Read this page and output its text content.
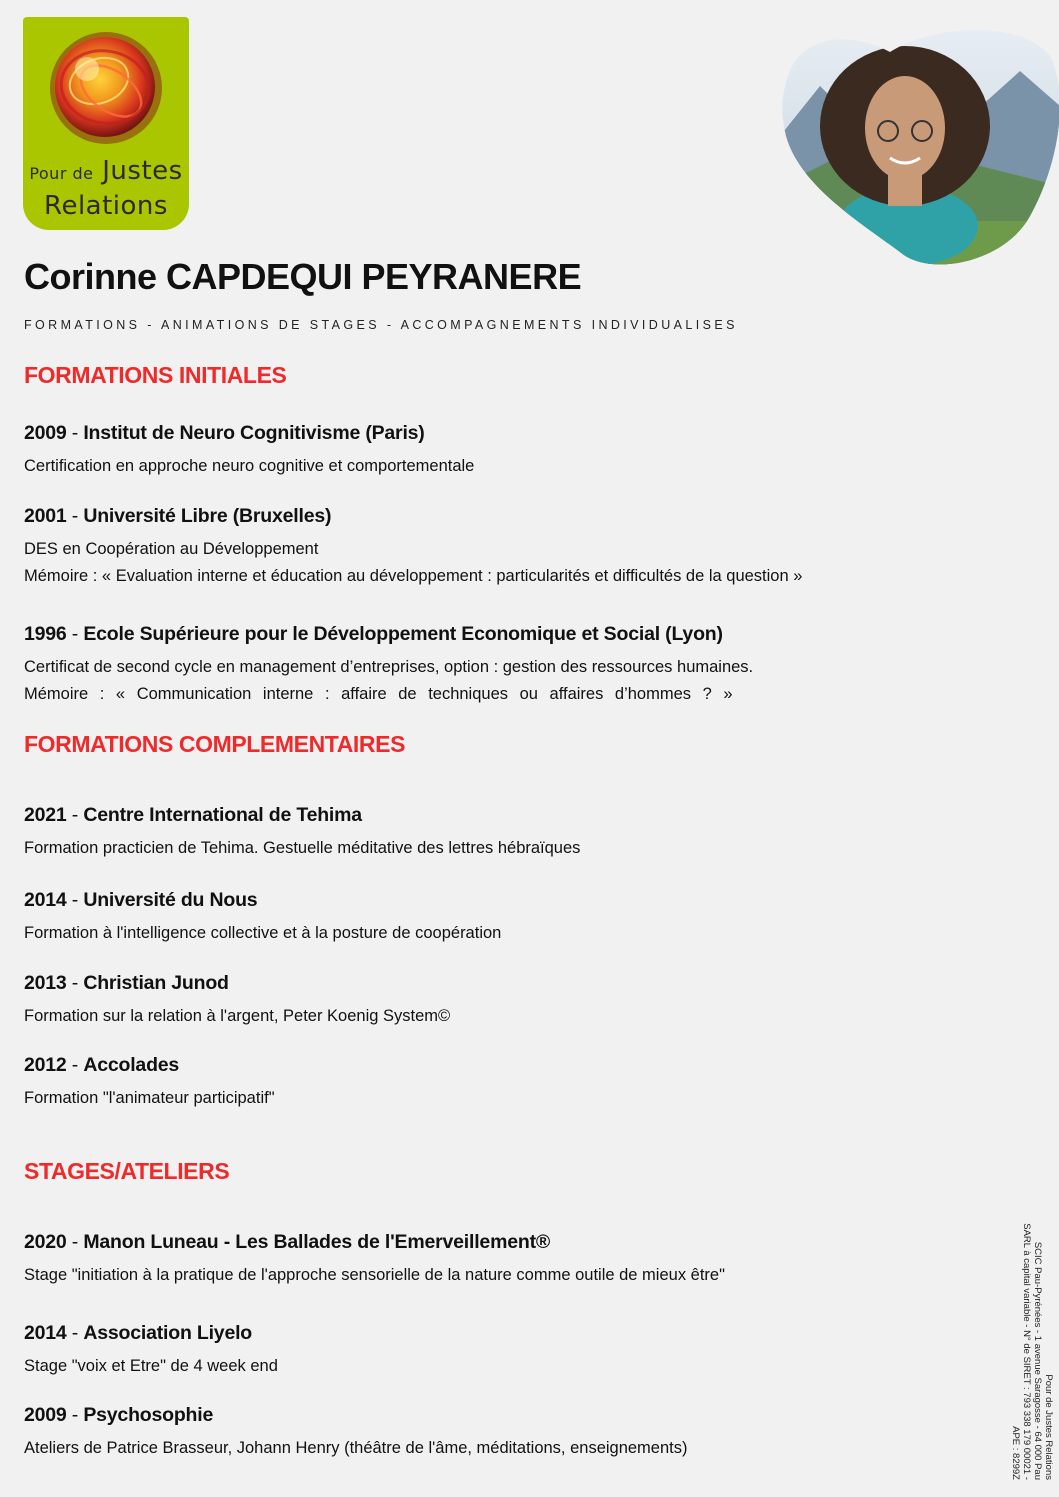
Pour de Justes
Relations
Corinne CAPDEQUI PEYRANERE
FORMATIONS - ANIMATIONS DE STAGES - ACCOMPAGNEMENTS INDIVIDUALISES
FORMATIONS INITIALES
2009 - Institut de Neuro Cognitivisme (Paris)
Certification en approche neuro cognitive et comportementale
2001 - Université Libre (Bruxelles)
DES en Coopération au Développement
Mémoire : « Evaluation interne et éducation au développement : particularités et difficultés de la question »
1996 - Ecole Supérieure pour le Développement Economique et Social (Lyon)
Certificat de second cycle en management d’entreprises, option : gestion des ressources humaines.
Mémoire : « Communication interne : affaire de techniques ou affaires d’hommes ? »
FORMATIONS COMPLEMENTAIRES
2021 - Centre International de Tehima
Formation practicien de Tehima. Gestuelle méditative des lettres hébraïques
2014 - Université du Nous
Formation à l'intelligence collective et à la posture de coopération
2013 - Christian Junod
Formation sur la relation à l'argent, Peter Koenig System©
2012 - Accolades
Formation "l'animateur participatif"
STAGES/ATELIERS
2020 - Manon Luneau - Les Ballades de l'Emerveillement®
Stage "initiation à la pratique de l'approche sensorielle de la nature comme outile de mieux être"
2014 - Association Liyelo
Stage "voix et Etre" de 4 week end
2009 - Psychosophie
Ateliers de Patrice Brasseur, Johann Henry (théâtre de l'âme, méditations, enseignements)	Pour de Justes Relations
SCIC Pau-Pyrénées - 1 avenue Saragosse - 64 000 Pau
SARL à capital variable - N° de SIRET : 793 338 179 00021 -
APE : 8299Z
